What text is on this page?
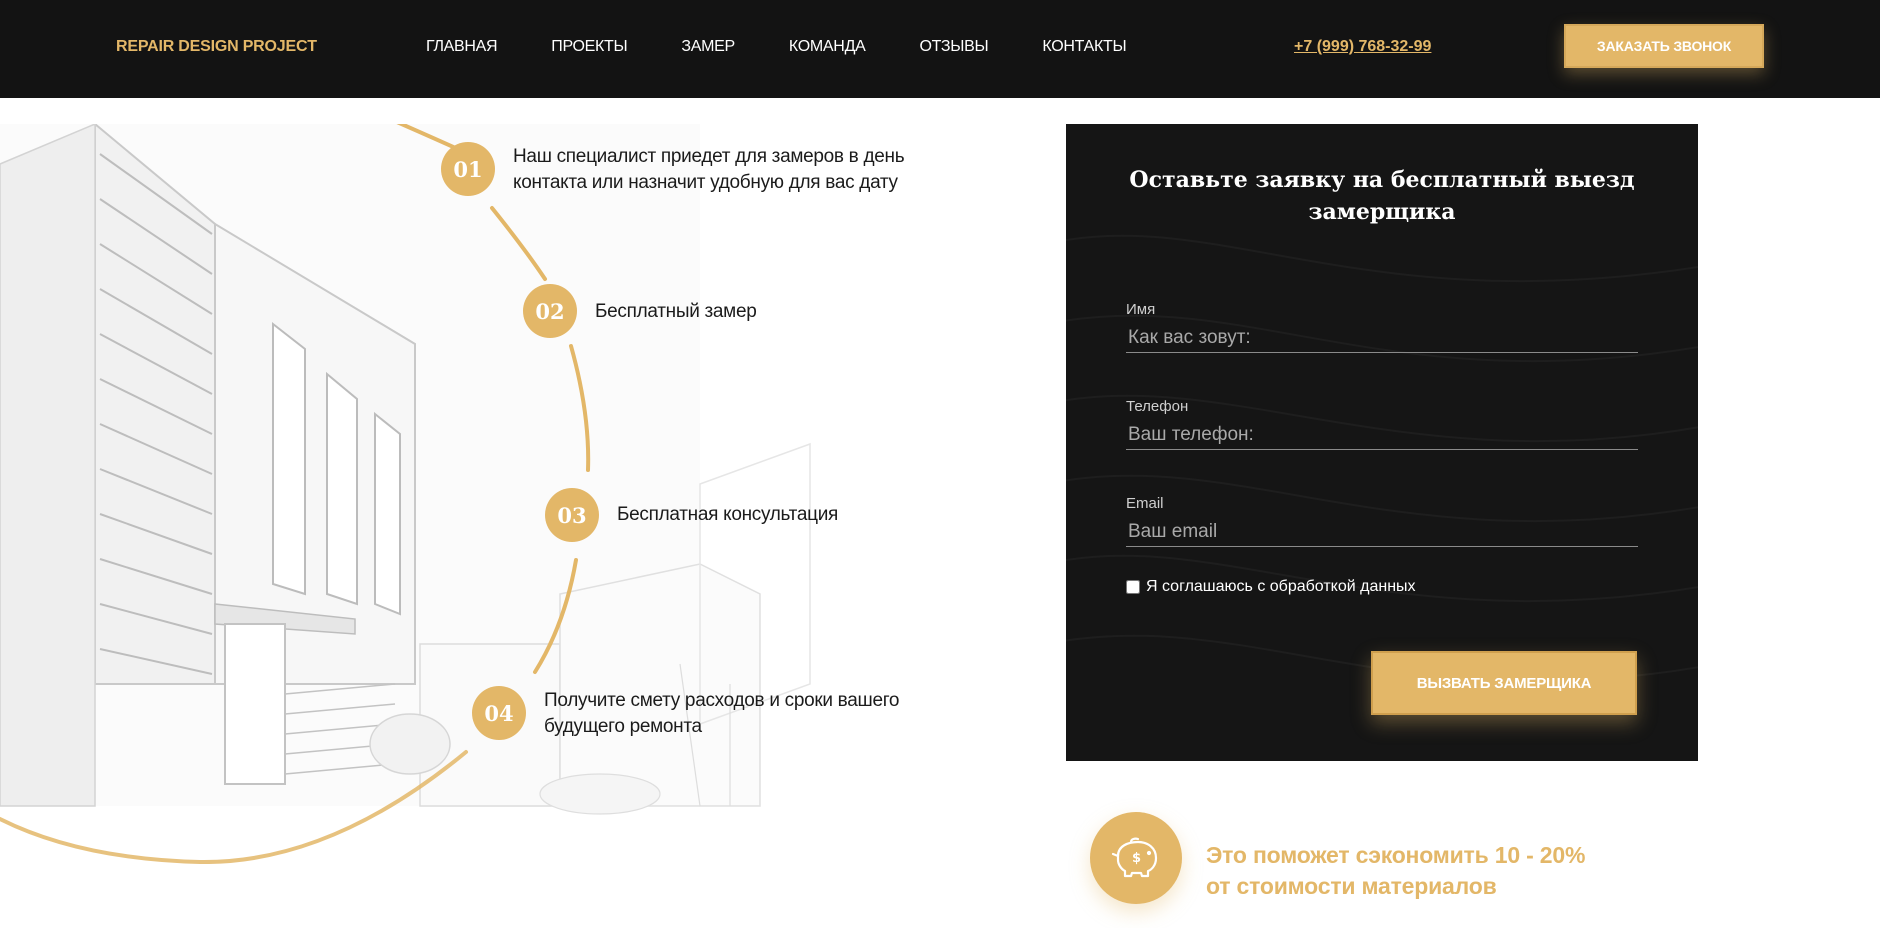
REPAIR DESIGN PROJECT	ГЛАВНАЯ	ПРОЕКТЫ	ЗАМЕР	КОМАНДА	ОТЗЫВЫ	КОНТАКТЫ	+7 (999) 768-32-99	ЗАКАЗАТЬ ЗВОНОК
01	Наш специалист приедет для замеров в день контакта или назначит удобную для вас дату
02	Бесплатный замер
03	Бесплатная консультация
04	Получите смету расходов и сроки вашего будущего ремонта
Оставьте заявку на бесплатный выезд замерщика
Имя
Как вас зовут:
Телефон
Ваш телефон:
Email
Ваш email
Я соглашаюсь с обработкой данных
ВЫЗВАТЬ ЗАМЕРЩИКА
$	Это поможет сэкономить 10 - 20%
от стоимости материалов
